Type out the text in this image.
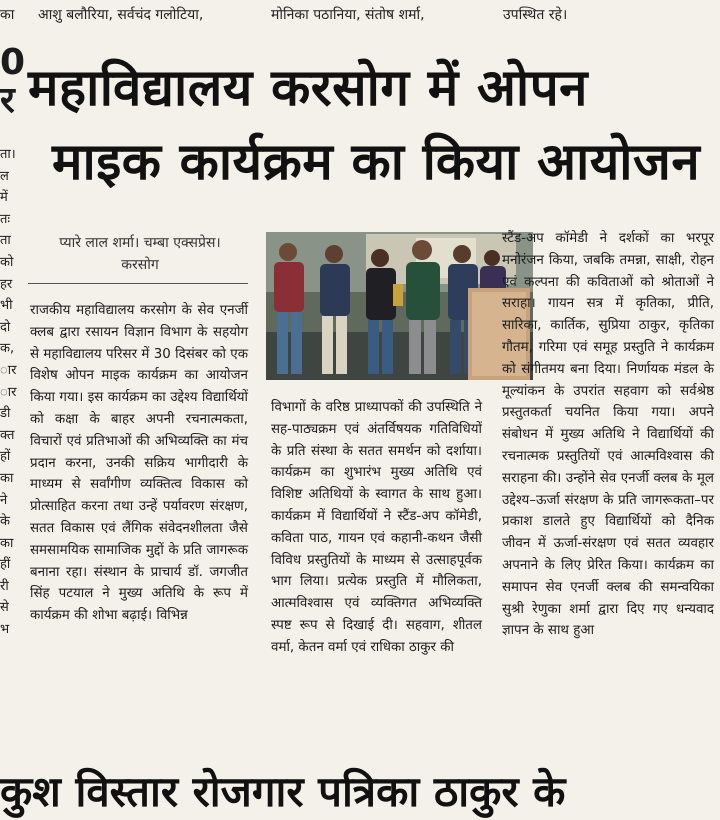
का आशु बलौरिया, सर्वचंद गलोटिया,	मोनिका पठानिया, संतोष शर्मा,	उपस्थित रहे।
0
र
ता।
ल
में
तः
ता
को
हर
भी
दो
क,
ार
ार
डी
क्त
हों
का
ने
के
का
हीं
री
से
भ
महाविद्यालय करसोग में ओपन
माइक कार्यक्रम का किया आयोजन
प्यारे लाल शर्मा। चम्बा एक्सप्रेस।
करसोग
राजकीय महाविद्यालय करसोग के सेव एनर्जी क्लब द्वारा रसायन विज्ञान विभाग के सहयोग से महाविद्यालय परिसर में 30 दिसंबर को एक विशेष ओपन माइक कार्यक्रम का आयोजन किया गया। इस कार्यक्रम का उद्देश्य विद्यार्थियों को कक्षा के बाहर अपनी रचनात्मकता, विचारों एवं प्रतिभाओं की अभिव्यक्ति का मंच प्रदान करना, उनकी सक्रिय भागीदारी के माध्यम से सर्वांगीण व्यक्तित्व विकास को प्रोत्साहित करना तथा उन्हें पर्यावरण संरक्षण, सतत विकास एवं लैंगिक संवेदनशीलता जैसे समसामयिक सामाजिक मुद्दों के प्रति जागरूक बनाना रहा। संस्थान के प्राचार्य डॉ. जगजीत सिंह पटयाल ने मुख्य अतिथि के रूप में कार्यक्रम की शोभा बढ़ाई। विभिन्न
विभागों के वरिष्ठ प्राध्यापकों की उपस्थिति ने सह-पाठ्यक्रम एवं अंतर्विषयक गतिविधियों के प्रति संस्था के सतत समर्थन को दर्शाया। कार्यक्रम का शुभारंभ मुख्य अतिथि एवं विशिष्ट अतिथियों के स्वागत के साथ हुआ। कार्यक्रम में विद्यार्थियों ने स्टैंड-अप कॉमेडी, कविता पाठ, गायन एवं कहानी-कथन जैसी विविध प्रस्तुतियों के माध्यम से उत्साहपूर्वक भाग लिया। प्रत्येक प्रस्तुति में मौलिकता, आत्मविश्वास एवं व्यक्तिगत अभिव्यक्ति स्पष्ट रूप से दिखाई दी। सहवाग, शीतल वर्मा, केतन वर्मा एवं राधिका ठाकुर की
स्टैंड-अप कॉमेडी ने दर्शकों का भरपूर मनोरंजन किया, जबकि तमन्ना, साक्षी, रोहन एवं कल्पना की कविताओं को श्रोताओं ने सराहा। गायन सत्र में कृतिका, प्रीति, सारिका, कार्तिक, सुप्रिया ठाकुर, कृतिका गौतम, गरिमा एवं समूह प्रस्तुति ने कार्यक्रम को संगीतमय बना दिया। निर्णायक मंडल के मूल्यांकन के उपरांत सहवाग को सर्वश्रेष्ठ प्रस्तुतकर्ता चयनित किया गया। अपने संबोधन में मुख्य अतिथि ने विद्यार्थियों की रचनात्मक प्रस्तुतियों एवं आत्मविश्वास की सराहना की। उन्होंने सेव एनर्जी क्लब के मूल उद्देश्य–ऊर्जा संरक्षण के प्रति जागरूकता–पर प्रकाश डालते हुए विद्यार्थियों को दैनिक जीवन में ऊर्जा-संरक्षण एवं सतत व्यवहार अपनाने के लिए प्रेरित किया। कार्यक्रम का समापन सेव एनर्जी क्लब की समन्वयिका सुश्री रेणुका शर्मा द्वारा दिए गए धन्यवाद ज्ञापन के साथ हुआ
कुश विस्तार रोजगार पत्रिका ठाकुर के
